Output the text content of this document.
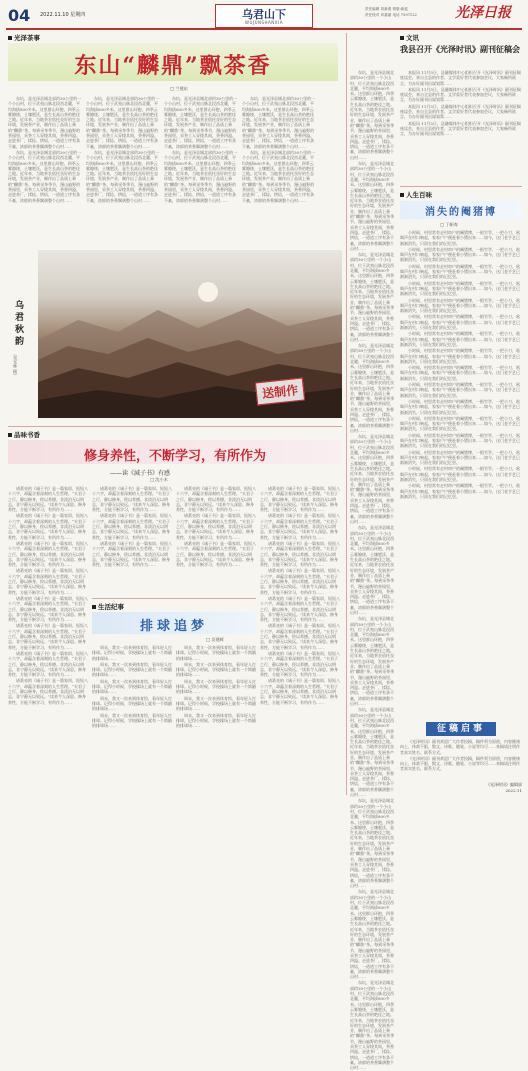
04 2022.11.10 星期四	乌君山下
WUJUNSHANXIA
责任编辑 刘新燕 排版:新蓝
责任校对 邓嘉丽 电话 7597122	光泽日报
光泽茶事
东山“麟鼎”飘茶香
□ 兰建东

东坑，是光泽县城北部约30公里的一个小山村，位于武夷山脉北段西北麓，平均海拔800多米。这里群山环抱，四季云雾缭绕，土壤肥沃，是生长高山茶的绝佳之地。近年来，当地茶农依托良好的生态环境，发展茶产业，制作出了品质上乘的“麟鼎”茶。每到采茶季节，漫山遍野的茶园里，采茶工人穿梭其间，茶香四溢。走进茶厂，揉捻、烘焙，一道道工序有条不紊，浓郁的茶香飘满整个山村……

东坑，是光泽县城北部约30公里的一个小山村，位于武夷山脉北段西北麓，平均海拔800多米。这里群山环抱，四季云雾缭绕，土壤肥沃，是生长高山茶的绝佳之地。近年来，当地茶农依托良好的生态环境，发展茶产业，制作出了品质上乘的“麟鼎”茶。每到采茶季节，漫山遍野的茶园里，采茶工人穿梭其间，茶香四溢。走进茶厂，揉捻、烘焙，一道道工序有条不紊，浓郁的茶香飘满整个山村……

东坑，是光泽县城北部约30公里的一个小山村，位于武夷山脉北段西北麓，平均海拔800多米。这里群山环抱，四季云雾缭绕，土壤肥沃，是生长高山茶的绝佳之地。近年来，当地茶农依托良好的生态环境，发展茶产业，制作出了品质上乘的“麟鼎”茶。每到采茶季节，漫山遍野的茶园里，采茶工人穿梭其间，茶香四溢。走进茶厂，揉捻、烘焙，一道道工序有条不紊，浓郁的茶香飘满整个山村……

东坑，是光泽县城北部约30公里的一个小山村，位于武夷山脉北段西北麓，平均海拔800多米。这里群山环抱，四季云雾缭绕，土壤肥沃，是生长高山茶的绝佳之地。近年来，当地茶农依托良好的生态环境，发展茶产业，制作出了品质上乘的“麟鼎”茶。每到采茶季节，漫山遍野的茶园里，采茶工人穿梭其间，茶香四溢。走进茶厂，揉捻、烘焙，一道道工序有条不紊，浓郁的茶香飘满整个山村……

东坑，是光泽县城北部约30公里的一个小山村，位于武夷山脉北段西北麓，平均海拔800多米。这里群山环抱，四季云雾缭绕，土壤肥沃，是生长高山茶的绝佳之地。近年来，当地茶农依托良好的生态环境，发展茶产业，制作出了品质上乘的“麟鼎”茶。每到采茶季节，漫山遍野的茶园里，采茶工人穿梭其间，茶香四溢。走进茶厂，揉捻、烘焙，一道道工序有条不紊，浓郁的茶香飘满整个山村……

东坑，是光泽县城北部约30公里的一个小山村，位于武夷山脉北段西北麓，平均海拔800多米。这里群山环抱，四季云雾缭绕，土壤肥沃，是生长高山茶的绝佳之地。近年来，当地茶农依托良好的生态环境，发展茶产业，制作出了品质上乘的“麟鼎”茶。每到采茶季节，漫山遍野的茶园里，采茶工人穿梭其间，茶香四溢。走进茶厂，揉捻、烘焙，一道道工序有条不紊，浓郁的茶香飘满整个山村……

东坑，是光泽县城北部约30公里的一个小山村，位于武夷山脉北段西北麓，平均海拔800多米。这里群山环抱，四季云雾缭绕，土壤肥沃，是生长高山茶的绝佳之地。近年来，当地茶农依托良好的生态环境，发展茶产业，制作出了品质上乘的“麟鼎”茶。每到采茶季节，漫山遍野的茶园里，采茶工人穿梭其间，茶香四溢。走进茶厂，揉捻、烘焙，一道道工序有条不紊，浓郁的茶香飘满整个山村……

东坑，是光泽县城北部约30公里的一个小山村，位于武夷山脉北段西北麓，平均海拔800多米。这里群山环抱，四季云雾缭绕，土壤肥沃，是生长高山茶的绝佳之地。近年来，当地茶农依托良好的生态环境，发展茶产业，制作出了品质上乘的“麟鼎”茶。每到采茶季节，漫山遍野的茶园里，采茶工人穿梭其间，茶香四溢。走进茶厂，揉捻、烘焙，一道道工序有条不紊，浓郁的茶香飘满整个山村……

送制作
乌君秋韵
（邓光林 摄）
品味书香
修身养性，不断学习，有所作为
——读《減子书》有感
□ 沈小木

诸葛亮的《诫子书》是一篇家训，短短八十六字，却蕴含着深刻的人生哲理。“夫君子之行，静以修身，俭以养德。非淡泊无以明志，非宁静无以致远。”读来令人深思。修身养性，方能不断学习，有所作为……

诸葛亮的《诫子书》是一篇家训，短短八十六字，却蕴含着深刻的人生哲理。“夫君子之行，静以修身，俭以养德。非淡泊无以明志，非宁静无以致远。”读来令人深思。修身养性，方能不断学习，有所作为……

诸葛亮的《诫子书》是一篇家训，短短八十六字，却蕴含着深刻的人生哲理。“夫君子之行，静以修身，俭以养德。非淡泊无以明志，非宁静无以致远。”读来令人深思。修身养性，方能不断学习，有所作为……

诸葛亮的《诫子书》是一篇家训，短短八十六字，却蕴含着深刻的人生哲理。“夫君子之行，静以修身，俭以养德。非淡泊无以明志，非宁静无以致远。”读来令人深思。修身养性，方能不断学习，有所作为……

诸葛亮的《诫子书》是一篇家训，短短八十六字，却蕴含着深刻的人生哲理。“夫君子之行，静以修身，俭以养德。非淡泊无以明志，非宁静无以致远。”读来令人深思。修身养性，方能不断学习，有所作为……

诸葛亮的《诫子书》是一篇家训，短短八十六字，却蕴含着深刻的人生哲理。“夫君子之行，静以修身，俭以养德。非淡泊无以明志，非宁静无以致远。”读来令人深思。修身养性，方能不断学习，有所作为……

诸葛亮的《诫子书》是一篇家训，短短八十六字，却蕴含着深刻的人生哲理。“夫君子之行，静以修身，俭以养德。非淡泊无以明志，非宁静无以致远。”读来令人深思。修身养性，方能不断学习，有所作为……

诸葛亮的《诫子书》是一篇家训，短短八十六字，却蕴含着深刻的人生哲理。“夫君子之行，静以修身，俭以养德。非淡泊无以明志，非宁静无以致远。”读来令人深思。修身养性，方能不断学习，有所作为……

诸葛亮的《诫子书》是一篇家训，短短八十六字，却蕴含着深刻的人生哲理。“夫君子之行，静以修身，俭以养德。非淡泊无以明志，非宁静无以致远。”读来令人深思。修身养性，方能不断学习，有所作为……

诸葛亮的《诫子书》是一篇家训，短短八十六字，却蕴含着深刻的人生哲理。“夫君子之行，静以修身，俭以养德。非淡泊无以明志，非宁静无以致远。”读来令人深思。修身养性，方能不断学习，有所作为……

诸葛亮的《诫子书》是一篇家训，短短八十六字，却蕴含着深刻的人生哲理。“夫君子之行，静以修身，俭以养德。非淡泊无以明志，非宁静无以致远。”读来令人深思。修身养性，方能不断学习，有所作为……

诸葛亮的《诫子书》是一篇家训，短短八十六字，却蕴含着深刻的人生哲理。“夫君子之行，静以修身，俭以养德。非淡泊无以明志，非宁静无以致远。”读来令人深思。修身养性，方能不断学习，有所作为……

诸葛亮的《诫子书》是一篇家训，短短八十六字，却蕴含着深刻的人生哲理。“夫君子之行，静以修身，俭以养德。非淡泊无以明志，非宁静无以致远。”读来令人深思。修身养性，方能不断学习，有所作为……

诸葛亮的《诫子书》是一篇家训，短短八十六字，却蕴含着深刻的人生哲理。“夫君子之行，静以修身，俭以养德。非淡泊无以明志，非宁静无以致远。”读来令人深思。修身养性，方能不断学习，有所作为……

诸葛亮的《诫子书》是一篇家训，短短八十六字，却蕴含着深刻的人生哲理。“夫君子之行，静以修身，俭以养德。非淡泊无以明志，非宁静无以致远。”读来令人深思。修身养性，方能不断学习，有所作为……

诸葛亮的《诫子书》是一篇家训，短短八十六字，却蕴含着深刻的人生哲理。“夫君子之行，静以修身，俭以养德。非淡泊无以明志，非宁静无以致远。”读来令人深思。修身养性，方能不断学习，有所作为……

诸葛亮的《诫子书》是一篇家训，短短八十六字，却蕴含着深刻的人生哲理。“夫君子之行，静以修身，俭以养德。非淡泊无以明志，非宁静无以致远。”读来令人深思。修身养性，方能不断学习，有所作为……

诸葛亮的《诫子书》是一篇家训，短短八十六字，却蕴含着深刻的人生哲理。“夫君子之行，静以修身，俭以养德。非淡泊无以明志，非宁静无以致远。”读来令人深思。修身养性，方能不断学习，有所作为……

诸葛亮的《诫子书》是一篇家训，短短八十六字，却蕴含着深刻的人生哲理。“夫君子之行，静以修身，俭以养德。非淡泊无以明志，非宁静无以致远。”读来令人深思。修身养性，方能不断学习，有所作为……

诸葛亮的《诫子书》是一篇家训，短短八十六字，却蕴含着深刻的人生哲理。“夫君子之行，静以修身，俭以养德。非淡泊无以明志，非宁静无以致远。”读来令人深思。修身养性，方能不断学习，有所作为……

诸葛亮的《诫子书》是一篇家训，短短八十六字，却蕴含着深刻的人生哲理。“夫君子之行，静以修身，俭以养德。非淡泊无以明志，非宁静无以致远。”读来令人深思。修身养性，方能不断学习，有所作为……

诸葛亮的《诫子书》是一篇家训，短短八十六字，却蕴含着深刻的人生哲理。“夫君子之行，静以修身，俭以养德。非淡泊无以明志，非宁静无以致远。”读来令人深思。修身养性，方能不断学习，有所作为……

生活纪事
排球追梦
□ 吴建辉

周末，我又一次来到体育馆，看年轻人打排球。记得小时候，学校操场上就有一个简陋的排球场……

周末，我又一次来到体育馆，看年轻人打排球。记得小时候，学校操场上就有一个简陋的排球场……

周末，我又一次来到体育馆，看年轻人打排球。记得小时候，学校操场上就有一个简陋的排球场……

周末，我又一次来到体育馆，看年轻人打排球。记得小时候，学校操场上就有一个简陋的排球场……

周末，我又一次来到体育馆，看年轻人打排球。记得小时候，学校操场上就有一个简陋的排球场……

周末，我又一次来到体育馆，看年轻人打排球。记得小时候，学校操场上就有一个简陋的排球场……

周末，我又一次来到体育馆，看年轻人打排球。记得小时候，学校操场上就有一个简陋的排球场……

周末，我又一次来到体育馆，看年轻人打排球。记得小时候，学校操场上就有一个简陋的排球场……

周末，我又一次来到体育馆，看年轻人打排球。记得小时候，学校操场上就有一个简陋的排球场……

周末，我又一次来到体育馆，看年轻人打排球。记得小时候，学校操场上就有一个简陋的排球场……

文讯
我县召开《光泽时讯》副刊征稿会

本报讯 11月5日，县融媒体中心组织召开《光泽时讯》副刊征稿座谈会，来自全县的作者、文学爱好者代表参加会议，大家畅所欲言，为办好副刊出谋划策……

本报讯 11月5日，县融媒体中心组织召开《光泽时讯》副刊征稿座谈会，来自全县的作者、文学爱好者代表参加会议，大家畅所欲言，为办好副刊出谋划策……

本报讯 11月5日，县融媒体中心组织召开《光泽时讯》副刊征稿座谈会，来自全县的作者、文学爱好者代表参加会议，大家畅所欲言，为办好副刊出谋划策……

本报讯 11月5日，县融媒体中心组织召开《光泽时讯》副刊征稿座谈会，来自全县的作者、文学爱好者代表参加会议，大家畅所欲言，为办好副刊出谋划策……

人生百味
消失的阉猪博
□ 丁帜寿

小时候，村里常有走村串户的阉猪博，一根竹竿，一把小刀，吆喝声在村口响起，家家户户便赶着小猪出来……如今，这门老手艺已渐渐消失，只留在我们的记忆里。

小时候，村里常有走村串户的阉猪博，一根竹竿，一把小刀，吆喝声在村口响起，家家户户便赶着小猪出来……如今，这门老手艺已渐渐消失，只留在我们的记忆里。

小时候，村里常有走村串户的阉猪博，一根竹竿，一把小刀，吆喝声在村口响起，家家户户便赶着小猪出来……如今，这门老手艺已渐渐消失，只留在我们的记忆里。

小时候，村里常有走村串户的阉猪博，一根竹竿，一把小刀，吆喝声在村口响起，家家户户便赶着小猪出来……如今，这门老手艺已渐渐消失，只留在我们的记忆里。

小时候，村里常有走村串户的阉猪博，一根竹竿，一把小刀，吆喝声在村口响起，家家户户便赶着小猪出来……如今，这门老手艺已渐渐消失，只留在我们的记忆里。

小时候，村里常有走村串户的阉猪博，一根竹竿，一把小刀，吆喝声在村口响起，家家户户便赶着小猪出来……如今，这门老手艺已渐渐消失，只留在我们的记忆里。

小时候，村里常有走村串户的阉猪博，一根竹竿，一把小刀，吆喝声在村口响起，家家户户便赶着小猪出来……如今，这门老手艺已渐渐消失，只留在我们的记忆里。

小时候，村里常有走村串户的阉猪博，一根竹竿，一把小刀，吆喝声在村口响起，家家户户便赶着小猪出来……如今，这门老手艺已渐渐消失，只留在我们的记忆里。

小时候，村里常有走村串户的阉猪博，一根竹竿，一把小刀，吆喝声在村口响起，家家户户便赶着小猪出来……如今，这门老手艺已渐渐消失，只留在我们的记忆里。

小时候，村里常有走村串户的阉猪博，一根竹竿，一把小刀，吆喝声在村口响起，家家户户便赶着小猪出来……如今，这门老手艺已渐渐消失，只留在我们的记忆里。

小时候，村里常有走村串户的阉猪博，一根竹竿，一把小刀，吆喝声在村口响起，家家户户便赶着小猪出来……如今，这门老手艺已渐渐消失，只留在我们的记忆里。

小时候，村里常有走村串户的阉猪博，一根竹竿，一把小刀，吆喝声在村口响起，家家户户便赶着小猪出来……如今，这门老手艺已渐渐消失，只留在我们的记忆里。

小时候，村里常有走村串户的阉猪博，一根竹竿，一把小刀，吆喝声在村口响起，家家户户便赶着小猪出来……如今，这门老手艺已渐渐消失，只留在我们的记忆里。

小时候，村里常有走村串户的阉猪博，一根竹竿，一把小刀，吆喝声在村口响起，家家户户便赶着小猪出来……如今，这门老手艺已渐渐消失，只留在我们的记忆里。

小时候，村里常有走村串户的阉猪博，一根竹竿，一把小刀，吆喝声在村口响起，家家户户便赶着小猪出来……如今，这门老手艺已渐渐消失，只留在我们的记忆里。

小时候，村里常有走村串户的阉猪博，一根竹竿，一把小刀，吆喝声在村口响起，家家户户便赶着小猪出来……如今，这门老手艺已渐渐消失，只留在我们的记忆里。

东坑，是光泽县城北部约30公里的一个小山村，位于武夷山脉北段西北麓，平均海拔800多米。这里群山环抱，四季云雾缭绕，土壤肥沃，是生长高山茶的绝佳之地。近年来，当地茶农依托良好的生态环境，发展茶产业，制作出了品质上乘的“麟鼎”茶。每到采茶季节，漫山遍野的茶园里，采茶工人穿梭其间，茶香四溢。走进茶厂，揉捻、烘焙，一道道工序有条不紊，浓郁的茶香飘满整个山村……

东坑，是光泽县城北部约30公里的一个小山村，位于武夷山脉北段西北麓，平均海拔800多米。这里群山环抱，四季云雾缭绕，土壤肥沃，是生长高山茶的绝佳之地。近年来，当地茶农依托良好的生态环境，发展茶产业，制作出了品质上乘的“麟鼎”茶。每到采茶季节，漫山遍野的茶园里，采茶工人穿梭其间，茶香四溢。走进茶厂，揉捻、烘焙，一道道工序有条不紊，浓郁的茶香飘满整个山村……

东坑，是光泽县城北部约30公里的一个小山村，位于武夷山脉北段西北麓，平均海拔800多米。这里群山环抱，四季云雾缭绕，土壤肥沃，是生长高山茶的绝佳之地。近年来，当地茶农依托良好的生态环境，发展茶产业，制作出了品质上乘的“麟鼎”茶。每到采茶季节，漫山遍野的茶园里，采茶工人穿梭其间，茶香四溢。走进茶厂，揉捻、烘焙，一道道工序有条不紊，浓郁的茶香飘满整个山村……

东坑，是光泽县城北部约30公里的一个小山村，位于武夷山脉北段西北麓，平均海拔800多米。这里群山环抱，四季云雾缭绕，土壤肥沃，是生长高山茶的绝佳之地。近年来，当地茶农依托良好的生态环境，发展茶产业，制作出了品质上乘的“麟鼎”茶。每到采茶季节，漫山遍野的茶园里，采茶工人穿梭其间，茶香四溢。走进茶厂，揉捻、烘焙，一道道工序有条不紊，浓郁的茶香飘满整个山村……

东坑，是光泽县城北部约30公里的一个小山村，位于武夷山脉北段西北麓，平均海拔800多米。这里群山环抱，四季云雾缭绕，土壤肥沃，是生长高山茶的绝佳之地。近年来，当地茶农依托良好的生态环境，发展茶产业，制作出了品质上乘的“麟鼎”茶。每到采茶季节，漫山遍野的茶园里，采茶工人穿梭其间，茶香四溢。走进茶厂，揉捻、烘焙，一道道工序有条不紊，浓郁的茶香飘满整个山村……

东坑，是光泽县城北部约30公里的一个小山村，位于武夷山脉北段西北麓，平均海拔800多米。这里群山环抱，四季云雾缭绕，土壤肥沃，是生长高山茶的绝佳之地。近年来，当地茶农依托良好的生态环境，发展茶产业，制作出了品质上乘的“麟鼎”茶。每到采茶季节，漫山遍野的茶园里，采茶工人穿梭其间，茶香四溢。走进茶厂，揉捻、烘焙，一道道工序有条不紊，浓郁的茶香飘满整个山村……

东坑，是光泽县城北部约30公里的一个小山村，位于武夷山脉北段西北麓，平均海拔800多米。这里群山环抱，四季云雾缭绕，土壤肥沃，是生长高山茶的绝佳之地。近年来，当地茶农依托良好的生态环境，发展茶产业，制作出了品质上乘的“麟鼎”茶。每到采茶季节，漫山遍野的茶园里，采茶工人穿梭其间，茶香四溢。走进茶厂，揉捻、烘焙，一道道工序有条不紊，浓郁的茶香飘满整个山村……

东坑，是光泽县城北部约30公里的一个小山村，位于武夷山脉北段西北麓，平均海拔800多米。这里群山环抱，四季云雾缭绕，土壤肥沃，是生长高山茶的绝佳之地。近年来，当地茶农依托良好的生态环境，发展茶产业，制作出了品质上乘的“麟鼎”茶。每到采茶季节，漫山遍野的茶园里，采茶工人穿梭其间，茶香四溢。走进茶厂，揉捻、烘焙，一道道工序有条不紊，浓郁的茶香飘满整个山村……

东坑，是光泽县城北部约30公里的一个小山村，位于武夷山脉北段西北麓，平均海拔800多米。这里群山环抱，四季云雾缭绕，土壤肥沃，是生长高山茶的绝佳之地。近年来，当地茶农依托良好的生态环境，发展茶产业，制作出了品质上乘的“麟鼎”茶。每到采茶季节，漫山遍野的茶园里，采茶工人穿梭其间，茶香四溢。走进茶厂，揉捻、烘焙，一道道工序有条不紊，浓郁的茶香飘满整个山村……

东坑，是光泽县城北部约30公里的一个小山村，位于武夷山脉北段西北麓，平均海拔800多米。这里群山环抱，四季云雾缭绕，土壤肥沃，是生长高山茶的绝佳之地。近年来，当地茶农依托良好的生态环境，发展茶产业，制作出了品质上乘的“麟鼎”茶。每到采茶季节，漫山遍野的茶园里，采茶工人穿梭其间，茶香四溢。走进茶厂，揉捻、烘焙，一道道工序有条不紊，浓郁的茶香飘满整个山村……

东坑，是光泽县城北部约30公里的一个小山村，位于武夷山脉北段西北麓，平均海拔800多米。这里群山环抱，四季云雾缭绕，土壤肥沃，是生长高山茶的绝佳之地。近年来，当地茶农依托良好的生态环境，发展茶产业，制作出了品质上乘的“麟鼎”茶。每到采茶季节，漫山遍野的茶园里，采茶工人穿梭其间，茶香四溢。走进茶厂，揉捻、烘焙，一道道工序有条不紊，浓郁的茶香飘满整个山村……

征稿启事

《光泽时讯》副刊欢迎广大作者投稿，稿件须为原创，内容健康向上，体裁不限，散文、诗歌、随笔、小说等均可……来稿请注明作者真实姓名、联系方式。

《光泽时讯》副刊欢迎广大作者投稿，稿件须为原创，内容健康向上，体裁不限，散文、诗歌、随笔、小说等均可……来稿请注明作者真实姓名、联系方式。

《光泽时讯》编辑部
2022.11
